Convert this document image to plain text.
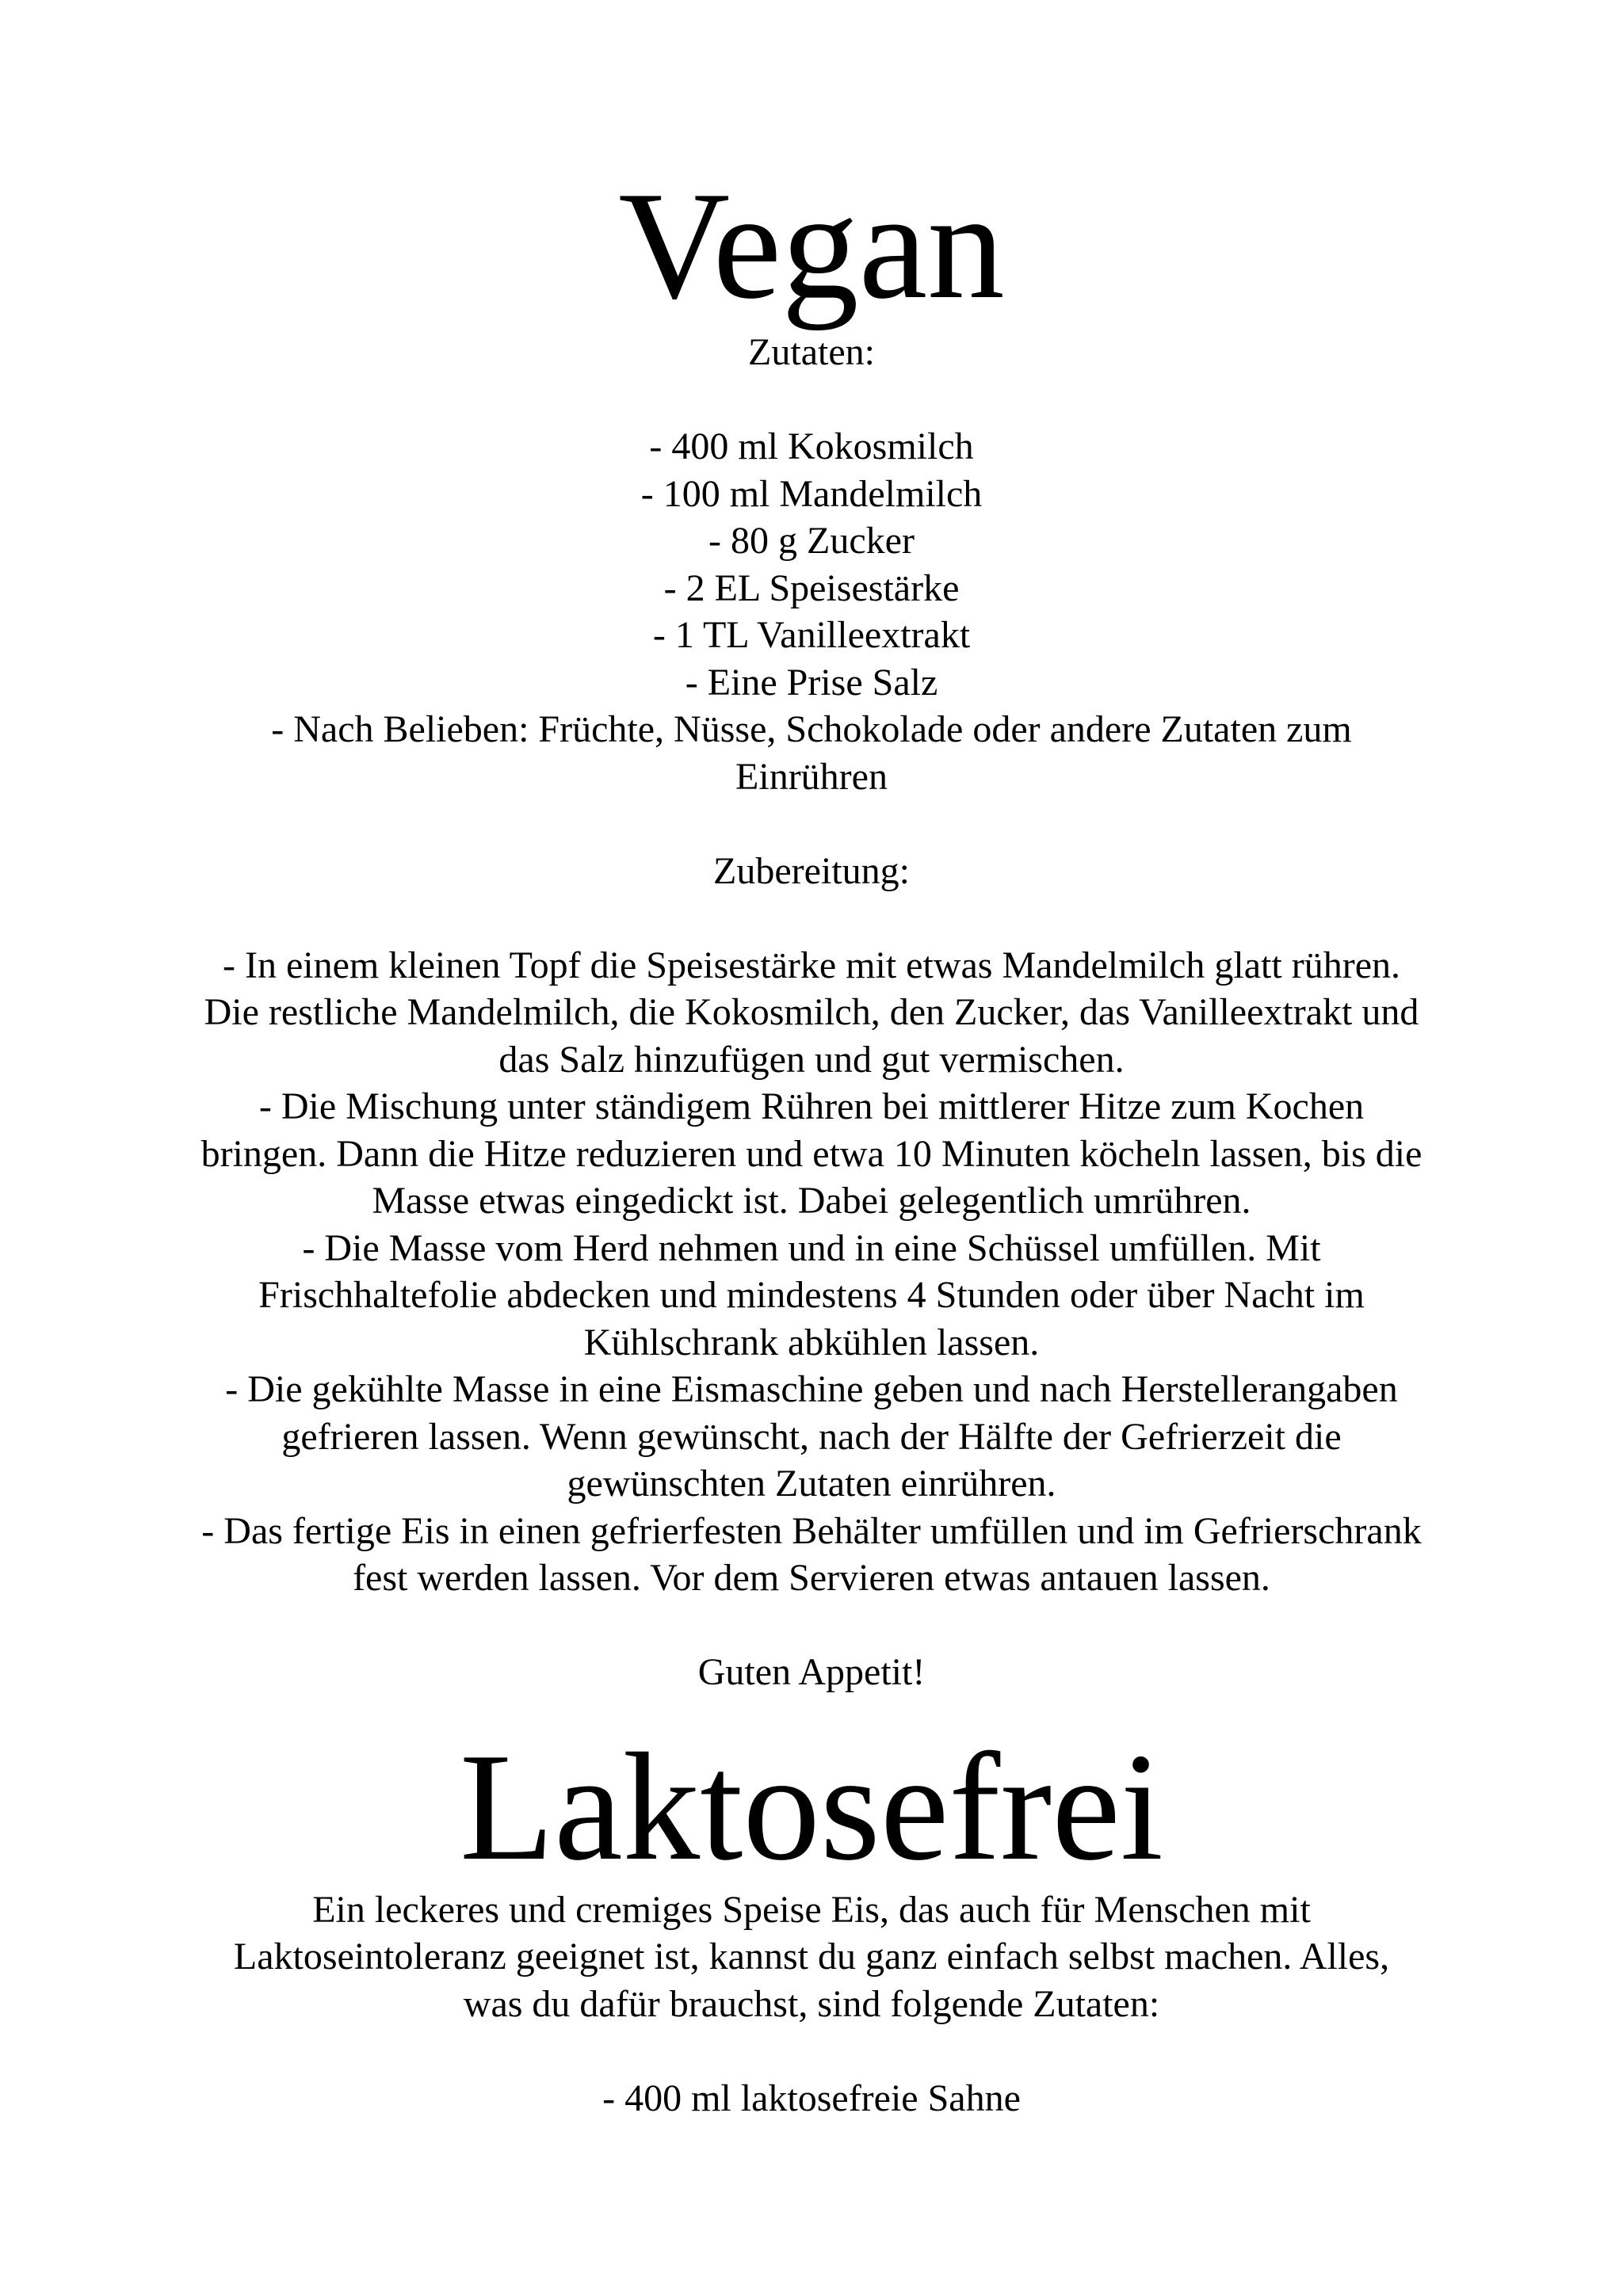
Vegan

Zutaten:

- 400 ml Kokosmilch

- 100 ml Mandelmilch

- 80 g Zucker

- 2 EL Speisestärke

- 1 TL Vanilleextrakt

- Eine Prise Salz

- Nach Belieben: Früchte, Nüsse, Schokolade oder andere Zutaten zum

Einrühren

Zubereitung:

- In einem kleinen Topf die Speisestärke mit etwas Mandelmilch glatt rühren.

Die restliche Mandelmilch, die Kokosmilch, den Zucker, das Vanilleextrakt und

das Salz hinzufügen und gut vermischen.

- Die Mischung unter ständigem Rühren bei mittlerer Hitze zum Kochen

bringen. Dann die Hitze reduzieren und etwa 10 Minuten köcheln lassen, bis die

Masse etwas eingedickt ist. Dabei gelegentlich umrühren.

- Die Masse vom Herd nehmen und in eine Schüssel umfüllen. Mit

Frischhaltefolie abdecken und mindestens 4 Stunden oder über Nacht im

Kühlschrank abkühlen lassen.

- Die gekühlte Masse in eine Eismaschine geben und nach Herstellerangaben

gefrieren lassen. Wenn gewünscht, nach der Hälfte der Gefrierzeit die

gewünschten Zutaten einrühren.

- Das fertige Eis in einen gefrierfesten Behälter umfüllen und im Gefrierschrank

fest werden lassen. Vor dem Servieren etwas antauen lassen.

Guten Appetit!

Laktosefrei

Ein leckeres und cremiges Speise Eis, das auch für Menschen mit

Laktoseintoleranz geeignet ist, kannst du ganz einfach selbst machen. Alles,

was du dafür brauchst, sind folgende Zutaten:

- 400 ml laktosefreie Sahne
